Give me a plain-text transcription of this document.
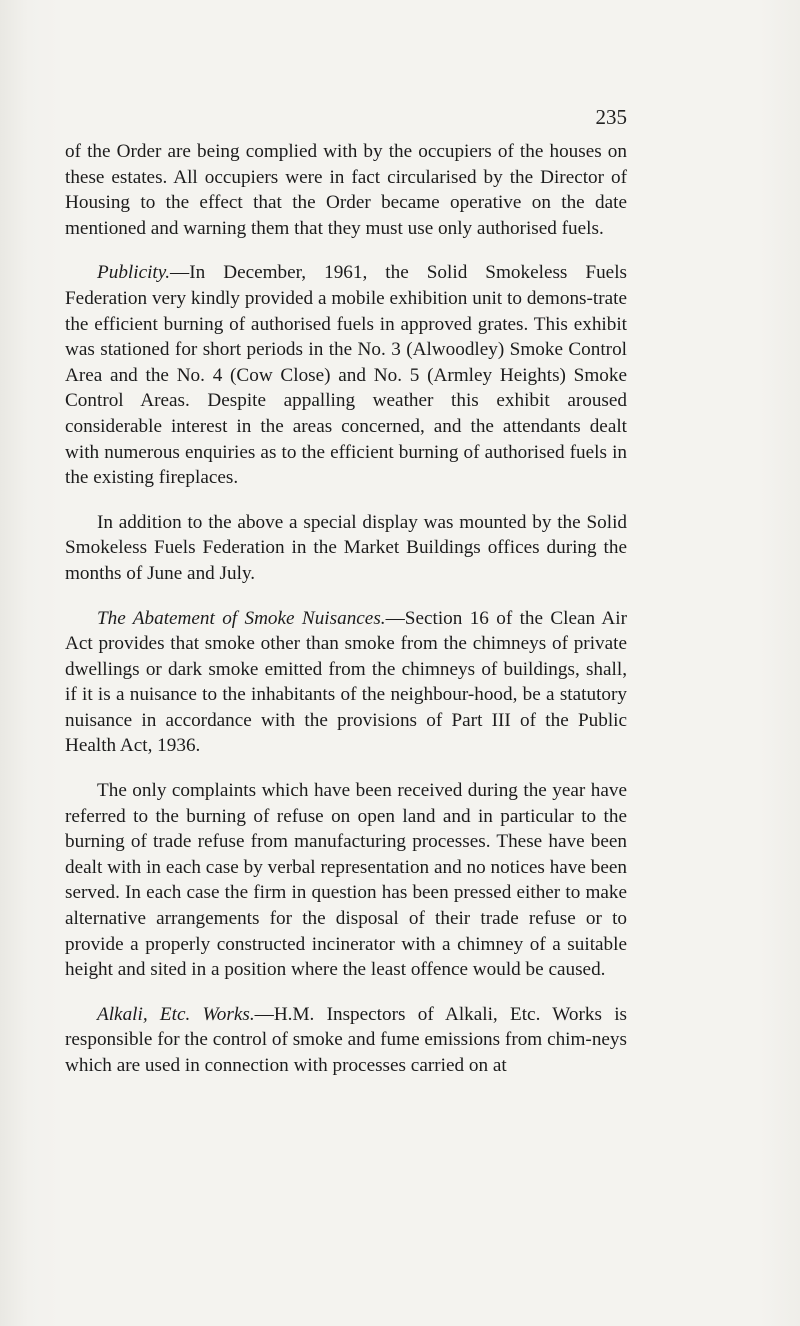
235

of the Order are being complied with by the occupiers of the houses on these estates. All occupiers were in fact circularised by the Director of Housing to the effect that the Order became operative on the date mentioned and warning them that they must use only authorised fuels.

Publicity.—In December, 1961, the Solid Smokeless Fuels Federation very kindly provided a mobile exhibition unit to demons-trate the efficient burning of authorised fuels in approved grates. This exhibit was stationed for short periods in the No. 3 (Alwoodley) Smoke Control Area and the No. 4 (Cow Close) and No. 5 (Armley Heights) Smoke Control Areas. Despite appalling weather this exhibit aroused considerable interest in the areas concerned, and the attendants dealt with numerous enquiries as to the efficient burning of authorised fuels in the existing fireplaces.

In addition to the above a special display was mounted by the Solid Smokeless Fuels Federation in the Market Buildings offices during the months of June and July.

The Abatement of Smoke Nuisances.—Section 16 of the Clean Air Act provides that smoke other than smoke from the chimneys of private dwellings or dark smoke emitted from the chimneys of buildings, shall, if it is a nuisance to the inhabitants of the neighbour-hood, be a statutory nuisance in accordance with the provisions of Part III of the Public Health Act, 1936.

The only complaints which have been received during the year have referred to the burning of refuse on open land and in particular to the burning of trade refuse from manufacturing processes. These have been dealt with in each case by verbal representation and no notices have been served. In each case the firm in question has been pressed either to make alternative arrangements for the disposal of their trade refuse or to provide a properly constructed incinerator with a chimney of a suitable height and sited in a position where the least offence would be caused.

Alkali, Etc. Works.—H.M. Inspectors of Alkali, Etc. Works is responsible for the control of smoke and fume emissions from chim-neys which are used in connection with processes carried on at
